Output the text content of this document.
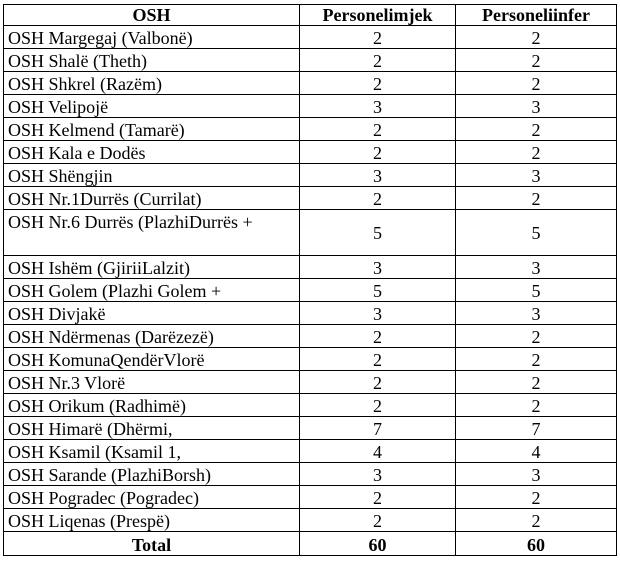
OSH	Personelimjek	Personeliinfer
OSH Margegaj (Valbonë)	2	2
OSH Shalë (Theth)	2	2
OSH Shkrel (Razëm)	2	2
OSH Velipojë	3	3
OSH Kelmend (Tamarë)	2	2
OSH Kala e Dodës	2	2
OSH Shëngjin	3	3
OSH Nr.1Durrës (Currilat)	2	2
OSH Nr.6 Durrës (PlazhiDurrës +	5	5
OSH Ishëm (GjiriiLalzit)	3	3
OSH Golem (Plazhi Golem +	5	5
OSH Divjakë	3	3
OSH Ndërmenas (Darëzezë)	2	2
OSH KomunaQendërVlorë	2	2
OSH Nr.3 Vlorë	2	2
OSH Orikum (Radhimë)	2	2
OSH Himarë (Dhërmi,	7	7
OSH Ksamil (Ksamil 1,	4	4
OSH Sarande (PlazhiBorsh)	3	3
OSH Pogradec (Pogradec)	2	2
OSH Liqenas (Prespë)	2	2
Total	60	60
